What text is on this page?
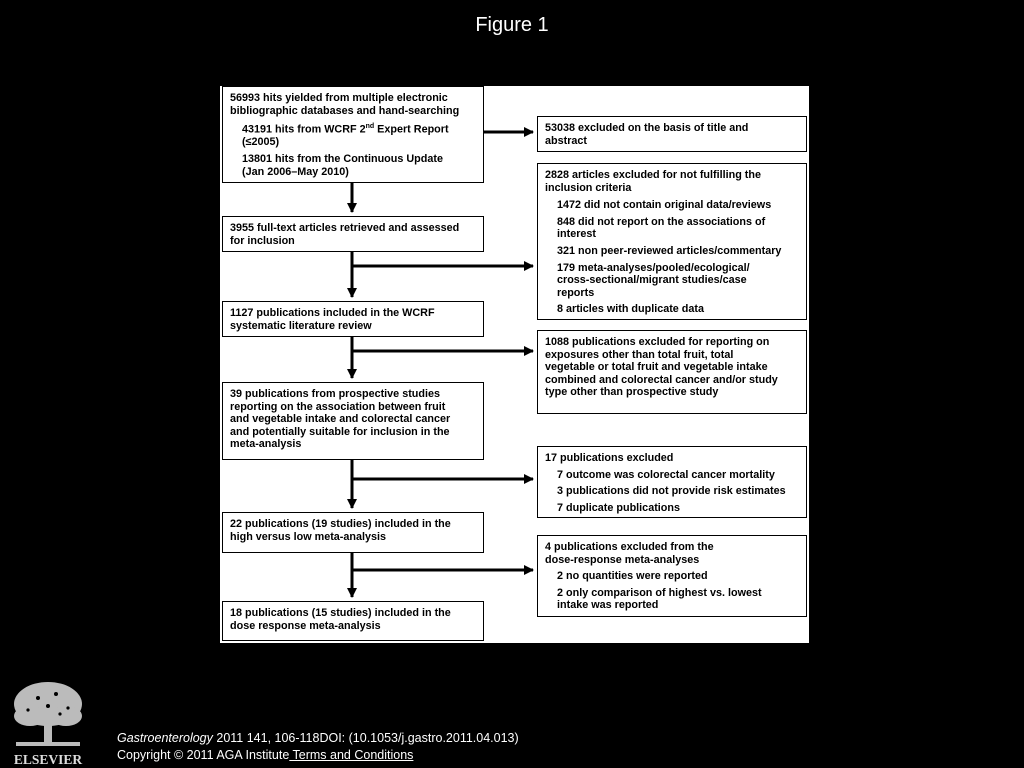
Figure 1
56993 hits yielded from multiple electronic
bibliographic databases and hand-searching
43191 hits from WCRF 2nd Expert Report
(≤2005)
13801 hits from the Continuous Update
(Jan 2006–May 2010)
3955 full-text articles retrieved and assessed
for inclusion
1127 publications included in the WCRF
systematic literature review
39 publications from prospective studies
reporting on the association between fruit
and vegetable intake and colorectal cancer
and potentially suitable for inclusion in the
meta-analysis
22 publications (19 studies) included in the
high versus low meta-analysis
18 publications (15 studies) included in the
dose response meta-analysis
53038 excluded on the basis of title and
abstract
2828 articles excluded for not fulfilling the
inclusion criteria
1472 did not contain original data/reviews
848 did not report on the associations of
interest
321 non peer-reviewed articles/commentary
179 meta-analyses/pooled/ecological/
cross-sectional/migrant studies/case
reports
8 articles with duplicate data
1088 publications excluded for reporting on
exposures other than total fruit, total
vegetable or total fruit and vegetable intake
combined and colorectal cancer and/or study
type other than prospective study
17 publications excluded
7 outcome was colorectal cancer mortality
3 publications did not provide risk estimates
7 duplicate publications
4 publications excluded from the
dose-response meta-analyses
2 no quantities were reported
2 only comparison of highest vs. lowest
intake was reported
ELSEVIER
Gastroenterology 2011 141, 106-118DOI: (10.1053/j.gastro.2011.04.013)
Copyright © 2011 AGA Institute Terms and Conditions
